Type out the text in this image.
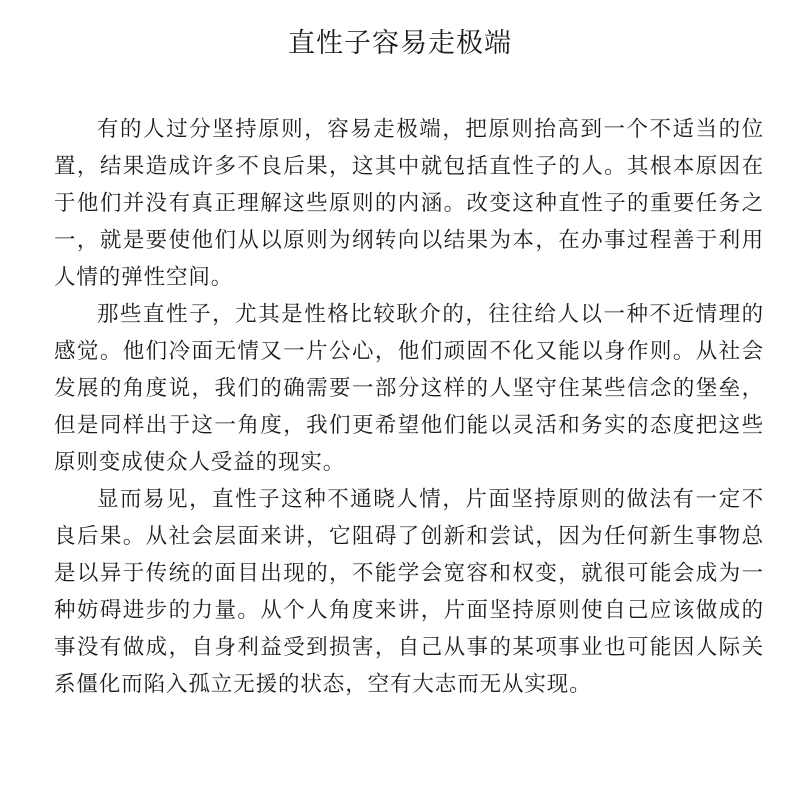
直性子容易走极端

有的人过分坚持原则，容易走极端，把原则抬高到一个不适当的位置，结果造成许多不良后果，这其中就包括直性子的人。其根本原因在于他们并没有真正理解这些原则的内涵。改变这种直性子的重要任务之一，就是要使他们从以原则为纲转向以结果为本，在办事过程善于利用人情的弹性空间。

那些直性子，尤其是性格比较耿介的，往往给人以一种不近情理的感觉。他们冷面无情又一片公心，他们顽固不化又能以身作则。从社会发展的角度说，我们的确需要一部分这样的人坚守住某些信念的堡垒，但是同样出于这一角度，我们更希望他们能以灵活和务实的态度把这些原则变成使众人受益的现实。

显而易见，直性子这种不通晓人情，片面坚持原则的做法有一定不良后果。从社会层面来讲，它阻碍了创新和尝试，因为任何新生事物总是以异于传统的面目出现的，不能学会宽容和权变，就很可能会成为一种妨碍进步的力量。从个人角度来讲，片面坚持原则使自己应该做成的事没有做成，自身利益受到损害，自己从事的某项事业也可能因人际关系僵化而陷入孤立无援的状态，空有大志而无从实现。
